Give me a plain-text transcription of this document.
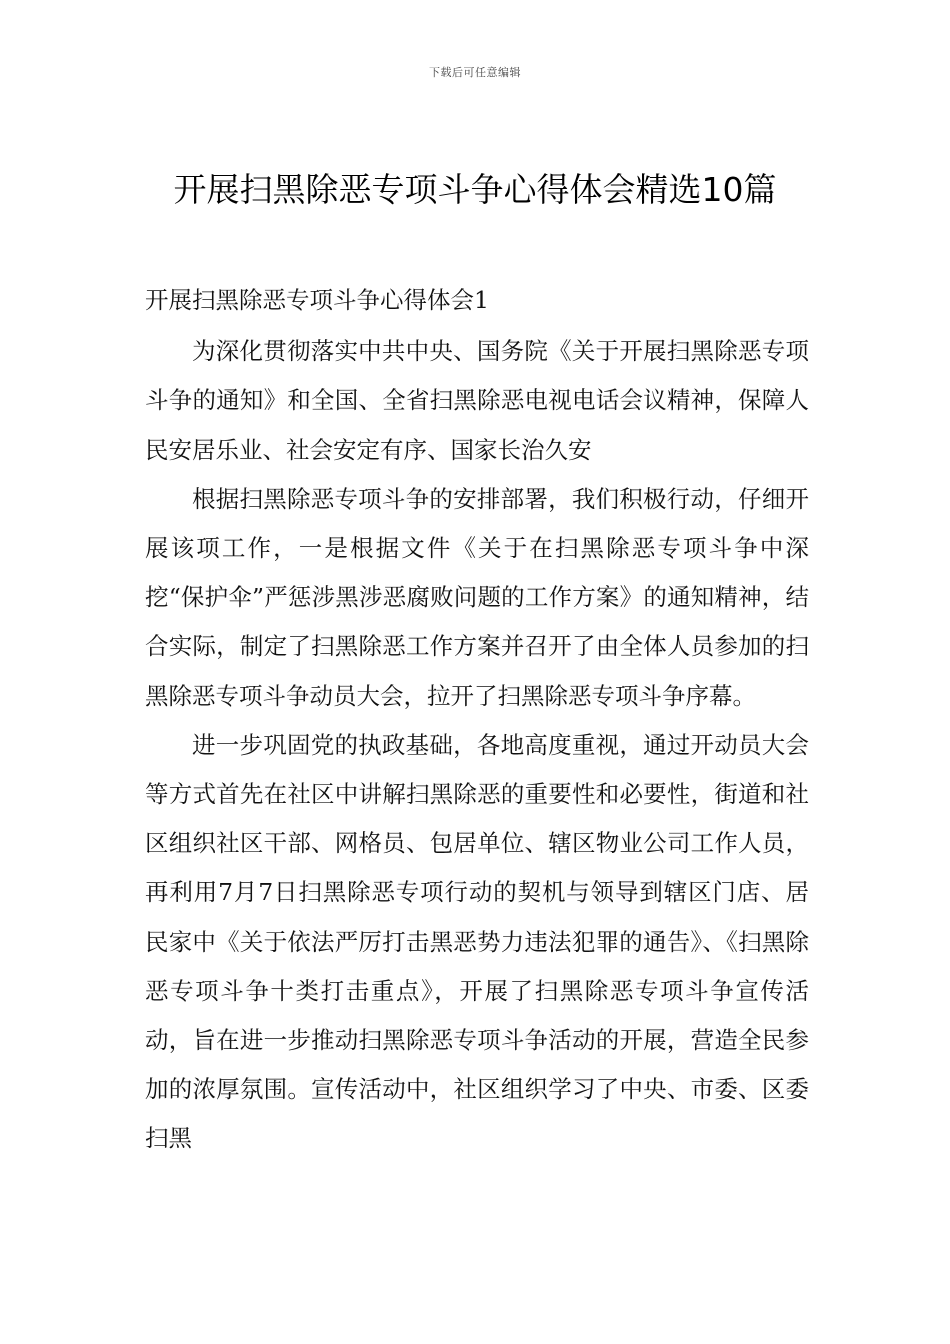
下载后可任意编辑
开展扫黑除恶专项斗争心得体会精选10篇

开展扫黑除恶专项斗争心得体会1

为深化贯彻落实中共中央、国务院《关于开展扫黑除恶专项斗争的通知》和全国、全省扫黑除恶电视电话会议精神，保障人民安居乐业、社会安定有序、国家长治久安

根据扫黑除恶专项斗争的安排部署，我们积极行动，仔细开展该项工作，一是根据文件《关于在扫黑除恶专项斗争中深挖“保护伞”严惩涉黑涉恶腐败问题的工作方案》的通知精神，结合实际，制定了扫黑除恶工作方案并召开了由全体人员参加的扫黑除恶专项斗争动员大会，拉开了扫黑除恶专项斗争序幕。

进一步巩固党的执政基础，各地高度重视，通过开动员大会等方式首先在社区中讲解扫黑除恶的重要性和必要性，街道和社区组织社区干部、网格员、包居单位、辖区物业公司工作人员，再利用7月7日扫黑除恶专项行动的契机与领导到辖区门店、居民家中《关于依法严厉打击黑恶势力违法犯罪的通告》、《扫黑除恶专项斗争十类打击重点》，开展了扫黑除恶专项斗争宣传活动，旨在进一步推动扫黑除恶专项斗争活动的开展，营造全民参加的浓厚氛围。宣传活动中，社区组织学习了中央、市委、区委扫黑
